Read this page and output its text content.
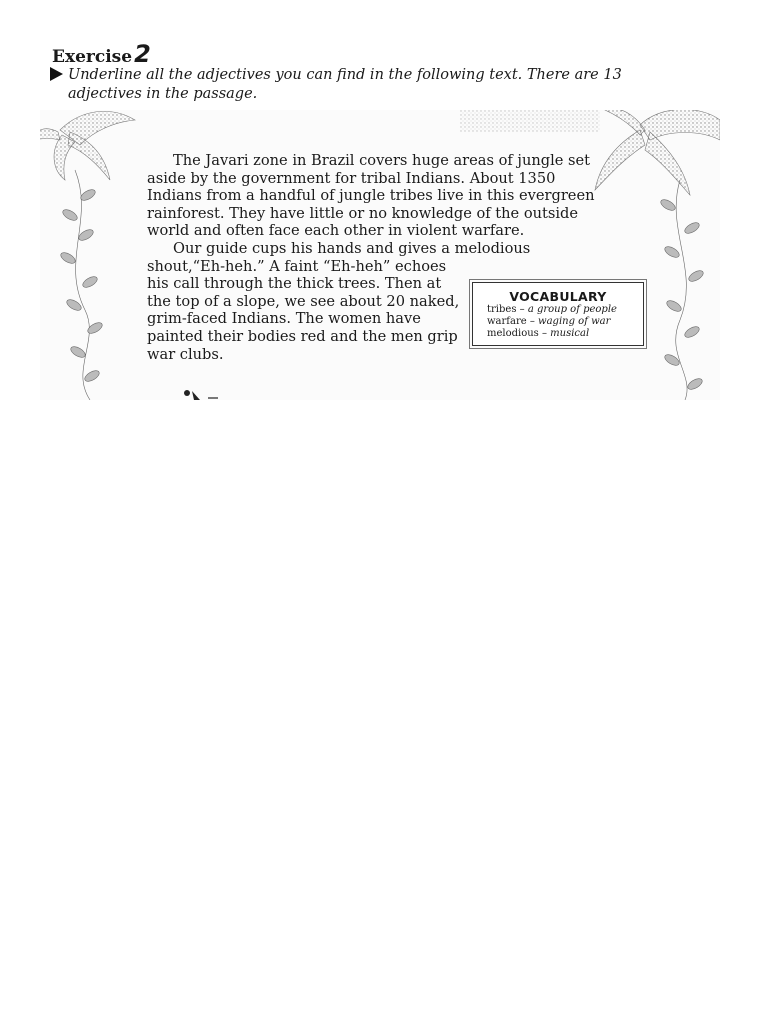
Exercise2
Underline all the adjectives you can find in the following text. There are 13
adjectives in the passage.

The Javari zone in Brazil covers huge areas of jungle set aside by the government for tribal Indians. About 1350 Indians from a handful of jungle tribes live in this evergreen rainforest. They have little or no knowledge of the outside world and often face each other in violent warfare.

Our guide cups his hands and gives a melodious

shout,“Eh-heh.” A faint “Eh-heh” echoes his call through the thick trees. Then at the top of a slope, we see about 20 naked, grim-faced Indians. The women have painted their bodies red and the men grip war clubs.

VOCABULARY
tribes – a group of people
warfare – waging of war
melodious – musical
